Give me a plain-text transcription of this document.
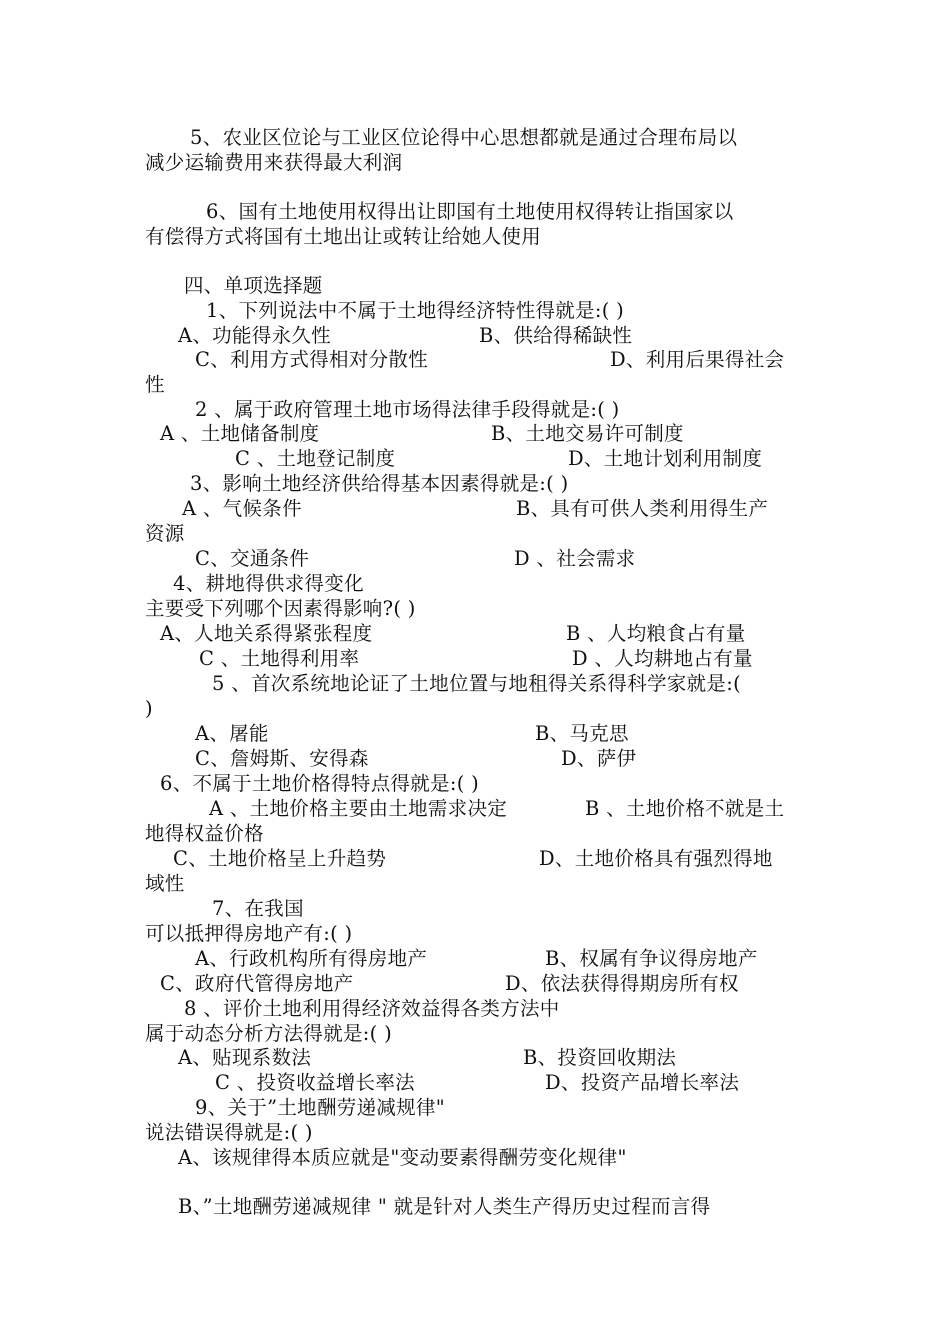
5、农业区位论与工业区位论得中心思想都就是通过合理布局以
减少运输费用来获得最大利润
6、国有土地使用权得出让即国有土地使用权得转让指国家以
有偿得方式将国有土地出让或转让给她人使用
四、单项选择题
1、下列说法中不属于土地得经济特性得就是:( )
A、功能得永久性	B、供给得稀缺性
C、利用方式得相对分散性	D、利用后果得社会
性
2 、属于政府管理土地市场得法律手段得就是:( )
A 、土地储备制度	B、土地交易许可制度
C 、土地登记制度	D、土地计划利用制度
3、影响土地经济供给得基本因素得就是:( )
A 、气候条件	B、具有可供人类利用得生产
资源
C、交通条件	D 、社会需求
4、耕地得供求得变化
主要受下列哪个因素得影响?( )
A、人地关系得紧张程度	B 、人均粮食占有量
C 、土地得利用率	D 、人均耕地占有量
5 、首次系统地论证了土地位置与地租得关系得科学家就是:(
)
A、屠能	B、马克思
C、詹姆斯、安得森	D、萨伊
6、不属于土地价格得特点得就是:( )
A 、土地价格主要由土地需求决定	B 、土地价格不就是土
地得权益价格
C、土地价格呈上升趋势	D、土地价格具有强烈得地
域性
7、在我国
可以抵押得房地产有:( )
A、行政机构所有得房地产	B、权属有争议得房地产
C、政府代管得房地产	D、依法获得得期房所有权
8 、评价土地利用得经济效益得各类方法中
属于动态分析方法得就是:( )
A、贴现系数法	B、投资回收期法
C 、投资收益增长率法	D、投资产品增长率法
9、关于”土地酬劳递减规律"
说法错误得就是:( )
A、该规律得本质应就是"变动要素得酬劳变化规律"
B、”土地酬劳递减规律 " 就是针对人类生产得历史过程而言得
